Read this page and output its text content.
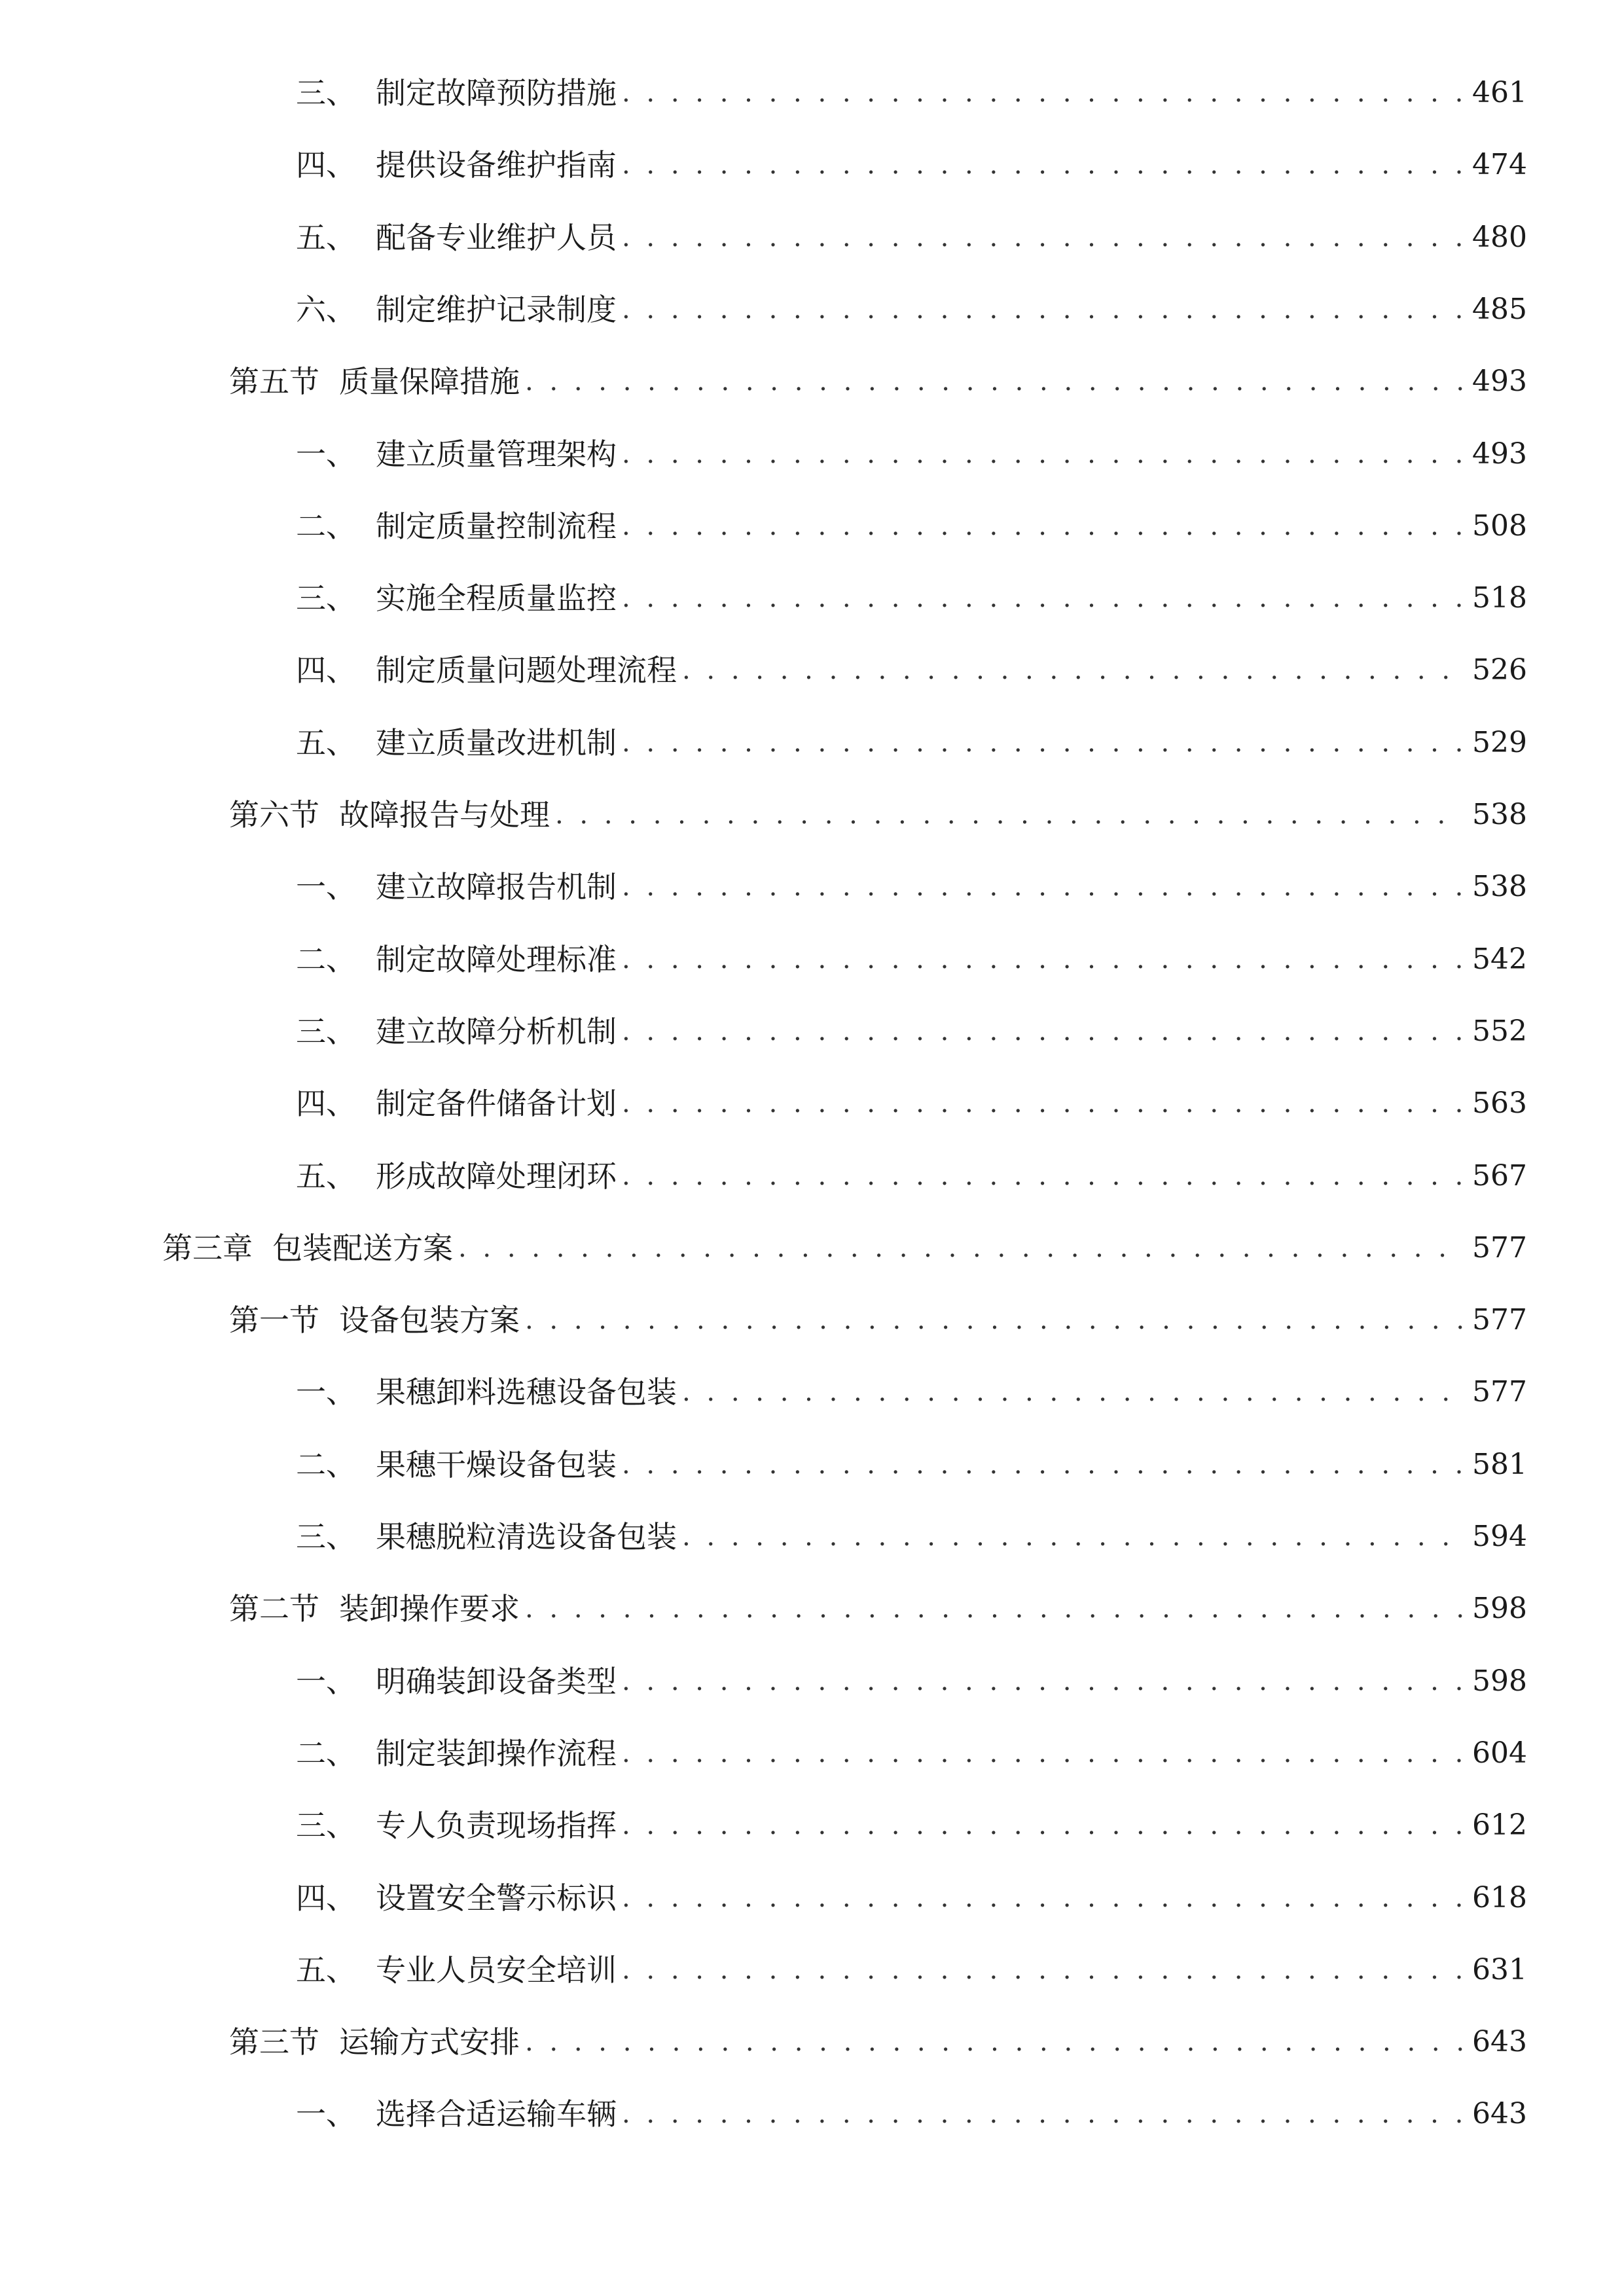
三、 制定故障预防措施 . . .	461
四、 提供设备维护指南 . . .	474
五、 配备专业维护人员 . . .	480
六、 制定维护记录制度 . . .	485
第五节 质量保障措施 . . .	493
一、 建立质量管理架构 . . .	493
二、 制定质量控制流程 . . .	508
三、 实施全程质量监控 . . .	518
四、 制定质量问题处理流程 . . .	526
五、 建立质量改进机制 . . .	529
第六节 故障报告与处理 . . .	538
一、 建立故障报告机制 . . .	538
二、 制定故障处理标准 . . .	542
三、 建立故障分析机制 . . .	552
四、 制定备件储备计划 . . .	563
五、 形成故障处理闭环 . . .	567
第三章 包装配送方案 . . .	577
第一节 设备包装方案 . . .	577
一、 果穗卸料选穗设备包装 . . .	577
二、 果穗干燥设备包装 . . .	581
三、 果穗脱粒清选设备包装 . . .	594
第二节 装卸操作要求 . . .	598
一、 明确装卸设备类型 . . .	598
二、 制定装卸操作流程 . . .	604
三、 专人负责现场指挥 . . .	612
四、 设置安全警示标识 . . .	618
五、 专业人员安全培训 . . .	631
第三节 运输方式安排 . . .	643
一、 选择合适运输车辆 . . .	643
